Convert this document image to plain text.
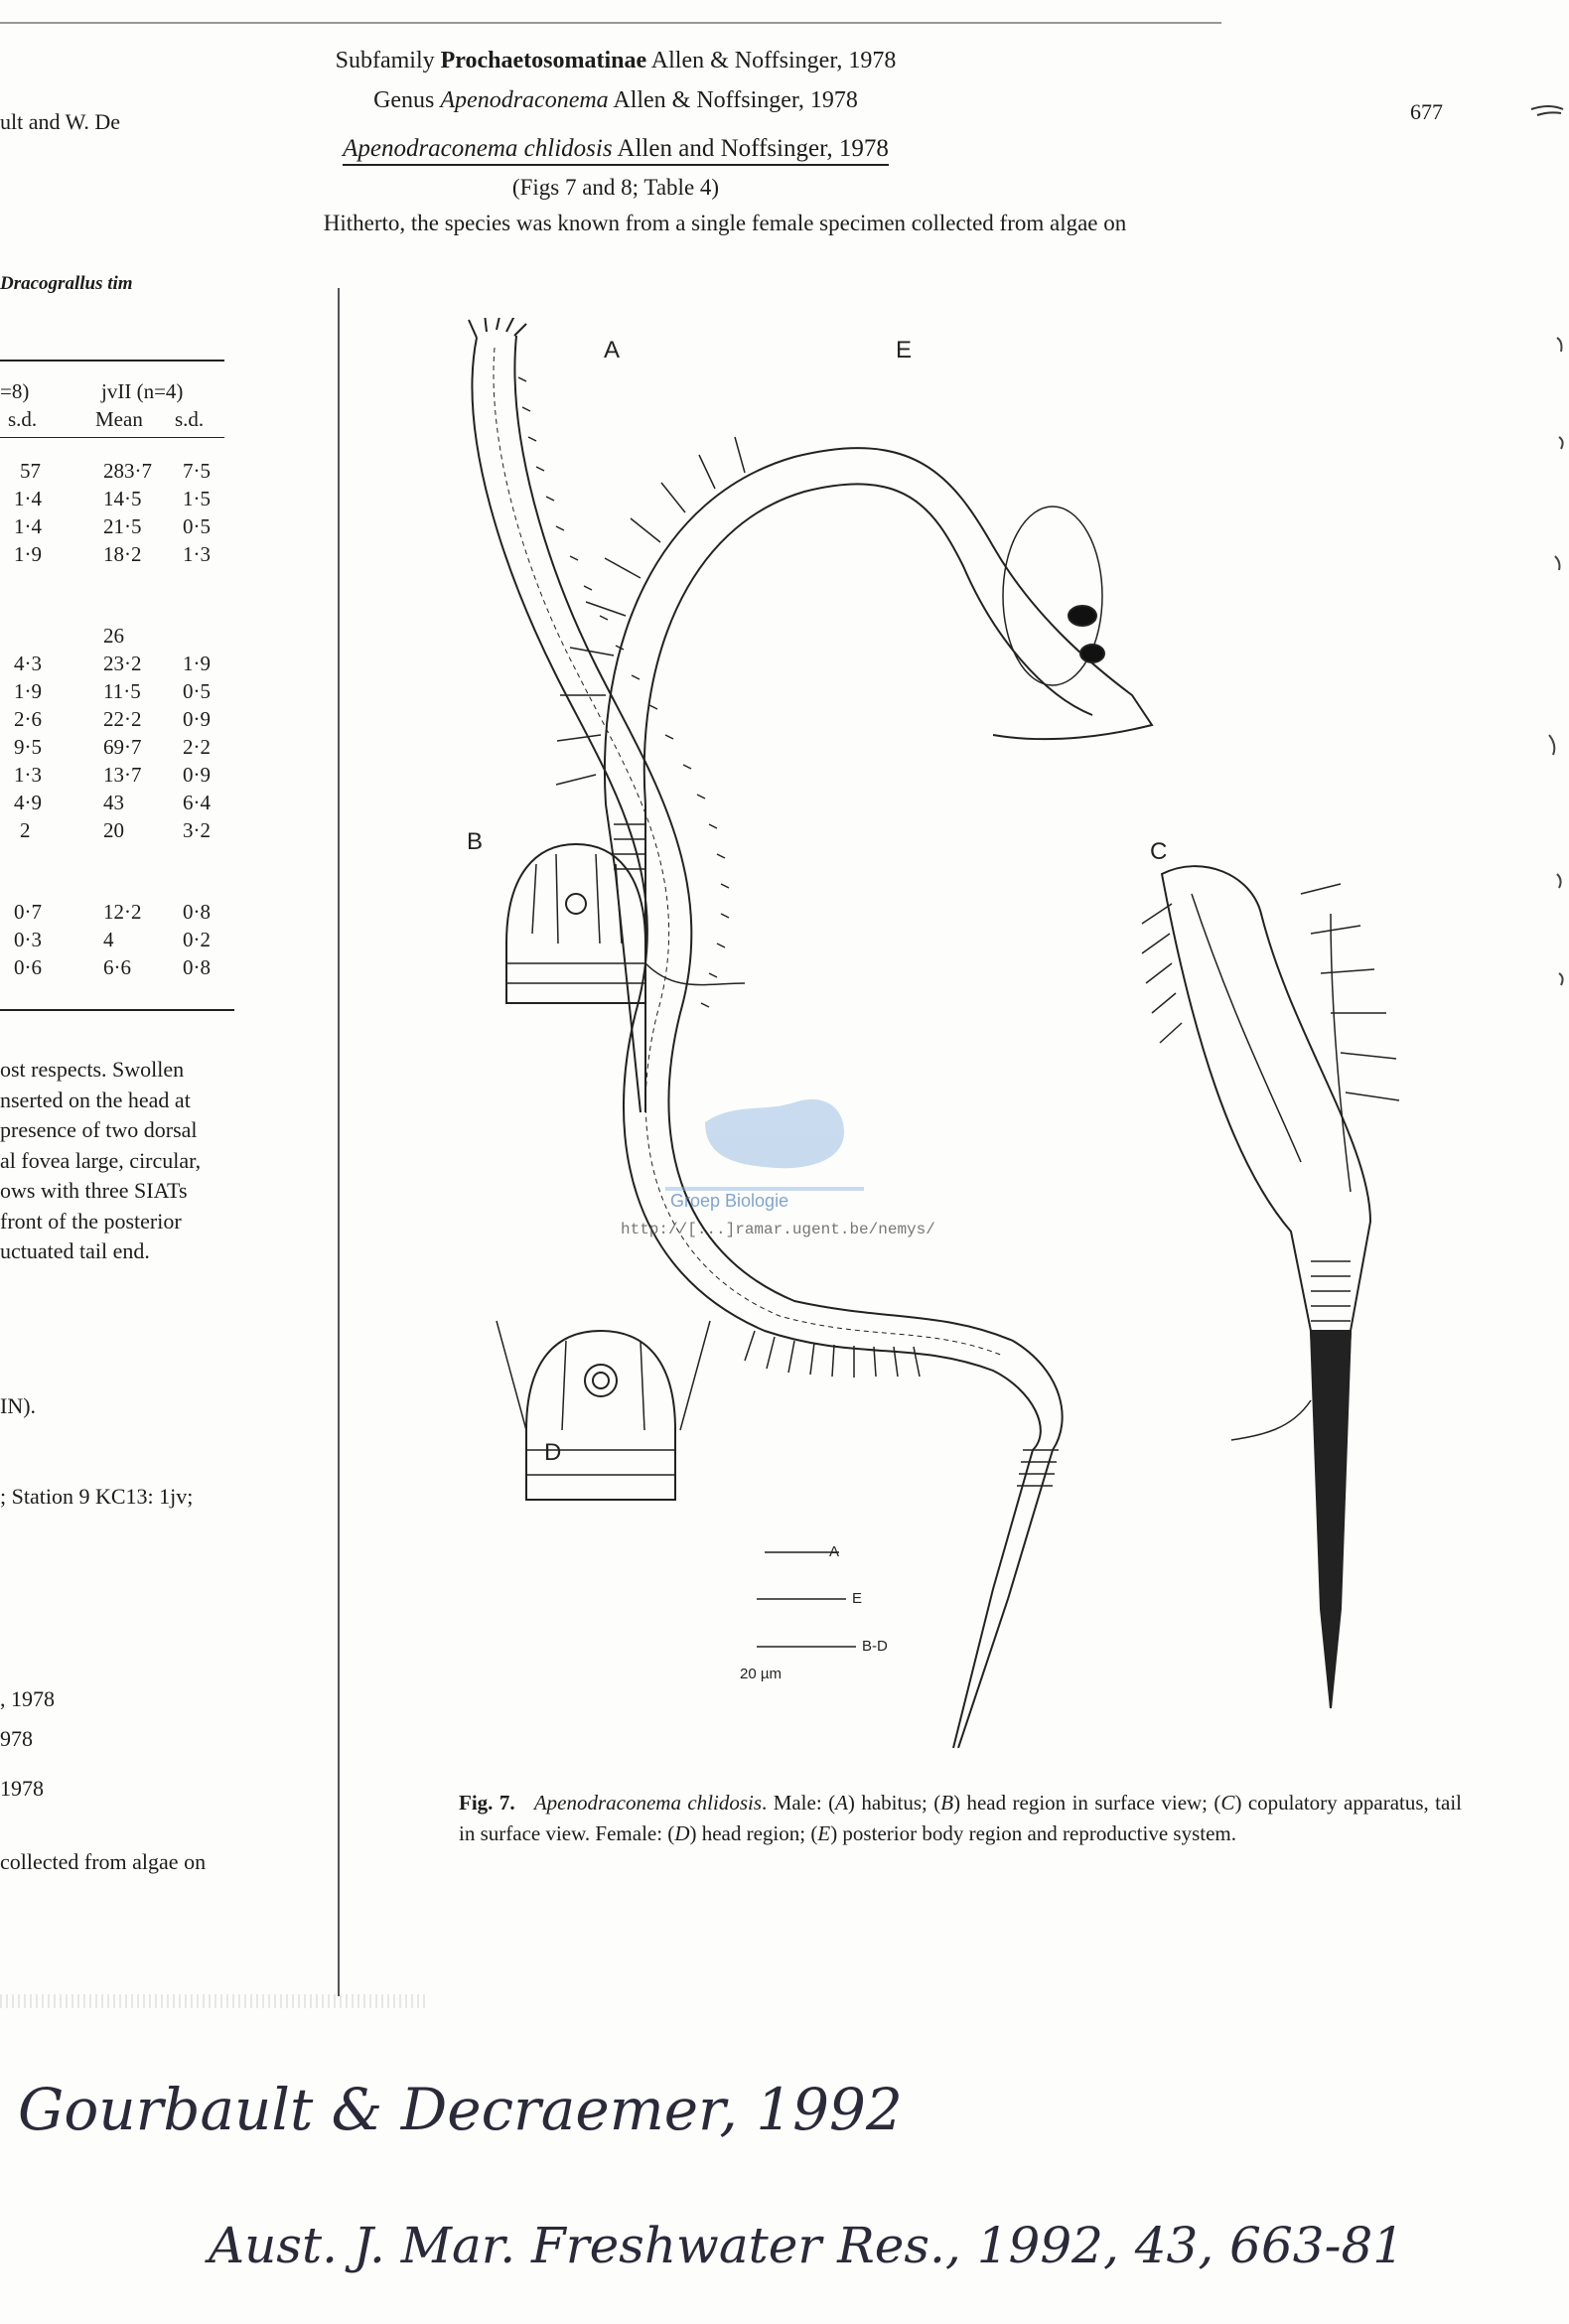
Subfamily Prochaetosomatinae Allen & Noffsinger, 1978
Genus Apenodraconema Allen & Noffsinger, 1978
Apenodraconema chlidosis Allen and Noffsinger, 1978
(Figs 7 and 8; Table 4)
Hitherto, the species was known from a single female specimen collected from algae on
677
ult and W. De
Dracograllus tim
=8)	jvII (n=4)
s.d.	Mean s.d.
57	283·7 7·5
1·4	14·5 1·5
1·4	21·5 0·5
1·9	18·2 1·3
26
4·3	23·2 1·9
1·9	11·5 0·5
2·6	22·2 0·9
9·5	69·7 2·2
1·3	13·7 0·9
4·9	43	6·4
2	20	3·2
0·7	12·2 0·8
0·3	4	0·2
0·6	6·6 0·8
ost respects. Swollen
nserted on the head at
presence of two dorsal
al fovea large, circular,
ows with three SIATs
front of the posterior
uctuated tail end.
IN).
; Station 9 KC13: 1jv;
, 1978
978
1978
collected from algae on
A	E
B	C
D
A
E
B-D
20 µm
Groep Biologie
http://[...]ramar.ugent.be/nemys/
Fig. 7. Apenodraconema chlidosis. Male: (A) habitus; (B) head region in surface view; (C) copulatory apparatus, tail in surface view. Female: (D) head region; (E) posterior body region and reproductive system.
Gourbault & Decraemer, 1992
Aust. J. Mar. Freshwater Res., 1992, 43, 663-81
